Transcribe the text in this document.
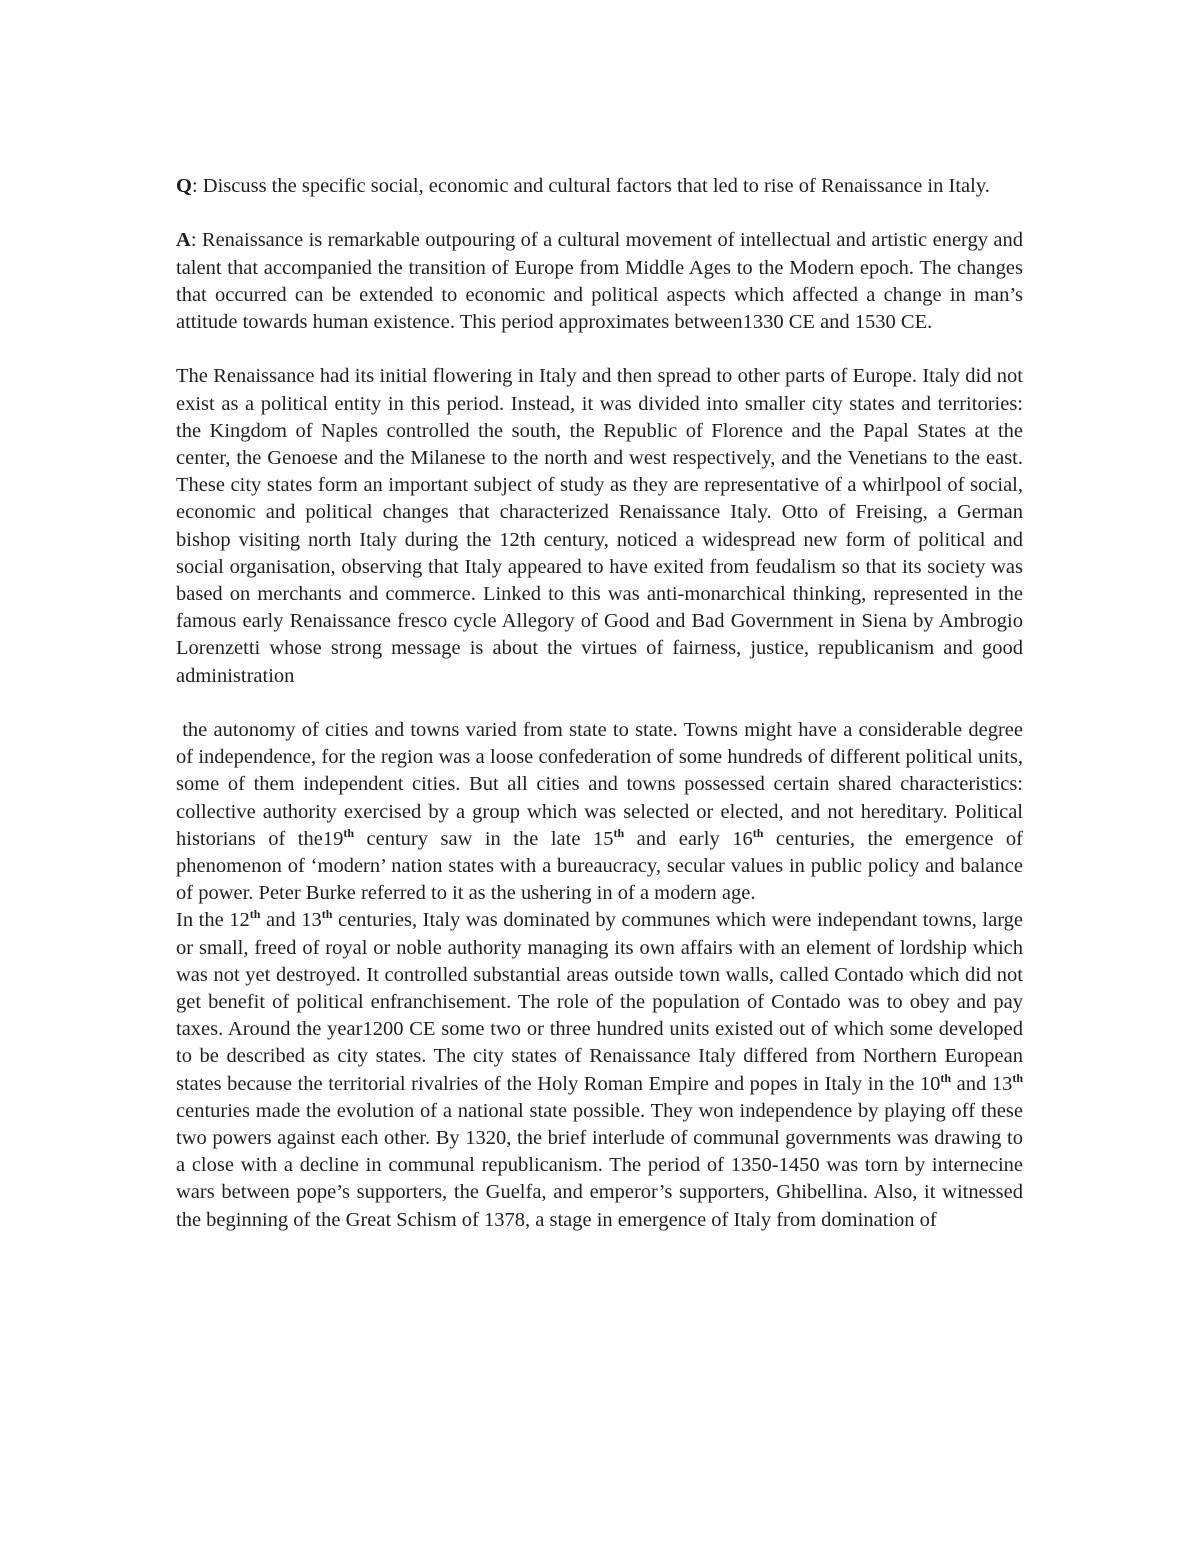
Q: Discuss the specific social, economic and cultural factors that led to rise of Renaissance in Italy.

A: Renaissance is remarkable outpouring of a cultural movement of intellectual and artistic energy and talent that accompanied the transition of Europe from Middle Ages to the Modern epoch. The changes that occurred can be extended to economic and political aspects which affected a change in man’s attitude towards human existence. This period approximates between1330 CE and 1530 CE.

The Renaissance had its initial flowering in Italy and then spread to other parts of Europe. Italy did not exist as a political entity in this period. Instead, it was divided into smaller city states and territories: the Kingdom of Naples controlled the south, the Republic of Florence and the Papal States at the center, the Genoese and the Milanese to the north and west respectively, and the Venetians to the east. These city states form an important subject of study as they are representative of a whirlpool of social, economic and political changes that characterized Renaissance Italy. Otto of Freising, a German bishop visiting north Italy during the 12th century, noticed a widespread new form of political and social organisation, observing that Italy appeared to have exited from feudalism so that its society was based on merchants and commerce. Linked to this was anti-monarchical thinking, represented in the famous early Renaissance fresco cycle Allegory of Good and Bad Government in Siena by Ambrogio Lorenzetti whose strong message is about the virtues of fairness, justice, republicanism and good administration

the autonomy of cities and towns varied from state to state. Towns might have a considerable degree of independence, for the region was a loose confederation of some hundreds of different political units, some of them independent cities. But all cities and towns possessed certain shared characteristics: collective authority exercised by a group which was selected or elected, and not hereditary. Political historians of the19th century saw in the late 15th and early 16th centuries, the emergence of phenomenon of ‘modern’ nation states with a bureaucracy, secular values in public policy and balance of power. Peter Burke referred to it as the ushering in of a modern age.

In the 12th and 13th centuries, Italy was dominated by communes which were independant towns, large or small, freed of royal or noble authority managing its own affairs with an element of lordship which was not yet destroyed. It controlled substantial areas outside town walls, called Contado which did not get benefit of political enfranchisement. The role of the population of Contado was to obey and pay taxes. Around the year1200 CE some two or three hundred units existed out of which some developed to be described as city states. The city states of Renaissance Italy differed from Northern European states because the territorial rivalries of the Holy Roman Empire and popes in Italy in the 10th and 13th centuries made the evolution of a national state possible. They won independence by playing off these two powers against each other. By 1320, the brief interlude of communal governments was drawing to a close with a decline in communal republicanism. The period of 1350-1450 was torn by internecine wars between pope’s supporters, the Guelfa, and emperor’s supporters, Ghibellina. Also, it witnessed the beginning of the Great Schism of 1378, a stage in emergence of Italy from domination of
